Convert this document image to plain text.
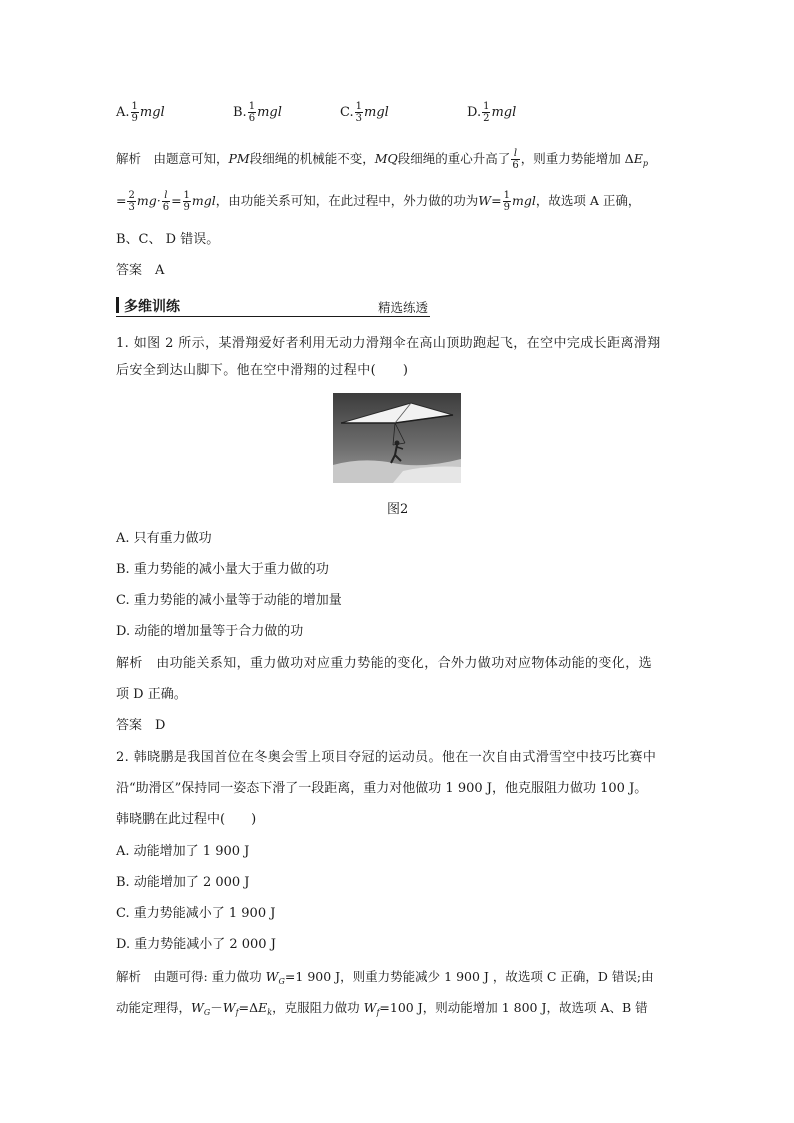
A. $\frac{1}{9}$ mgl	B. $\frac{1}{6}$ mgl	C. $\frac{1}{3}$ mgl	D. $\frac{1}{2}$ mgl
解析　由题意可知，PM段细绳的机械能不变，MQ段细绳的重心升高了 $\frac{l}{6}$ ，则重力势能增加 $\Delta E_p$
= $\frac{2}{3} mg\cdot \frac{l}{6} = \frac{1}{9}$ mgl，由功能关系可知，在此过程中，外力做的功为$W= \frac{1}{9}$ mgl，故选项 A 正确，
B、C、 D 错误。
答案　A
多维训练	精选练透
1. 如图 2 所示，某滑翔爱好者利用无动力滑翔伞在高山顶助跑起飞，在空中完成长距离滑翔
后安全到达山脚下。他在空中滑翔的过程中(　　)
图2
A. 只有重力做功
B. 重力势能的减小量大于重力做的功
C. 重力势能的减小量等于动能的增加量
D. 动能的增加量等于合力做的功
解析　由功能关系知，重力做功对应重力势能的变化，合外力做功对应物体动能的变化，选
项 D 正确。
答案　D
2. 韩晓鹏是我国首位在冬奥会雪上项目夺冠的运动员。他在一次自由式滑雪空中技巧比赛中
沿“助滑区”保持同一姿态下滑了一段距离，重力对他做功 1 900 J，他克服阻力做功 100 J。
韩晓鹏在此过程中(　　)
A. 动能增加了 1 900 J
B. 动能增加了 2 000 J
C. 重力势能减小了 1 900 J
D. 重力势能减小了 2 000 J
解析　由题可得: 重力做功 $W_G=1$ 900 J，则重力势能减少 1 900 J ，故选项 C 正确，D 错误;由
动能定理得，$W_G-W_f=\Delta E_k$，克服阻力做功 $W_f=100$ J，则动能增加 1 800 J，故选项 A、B 错
